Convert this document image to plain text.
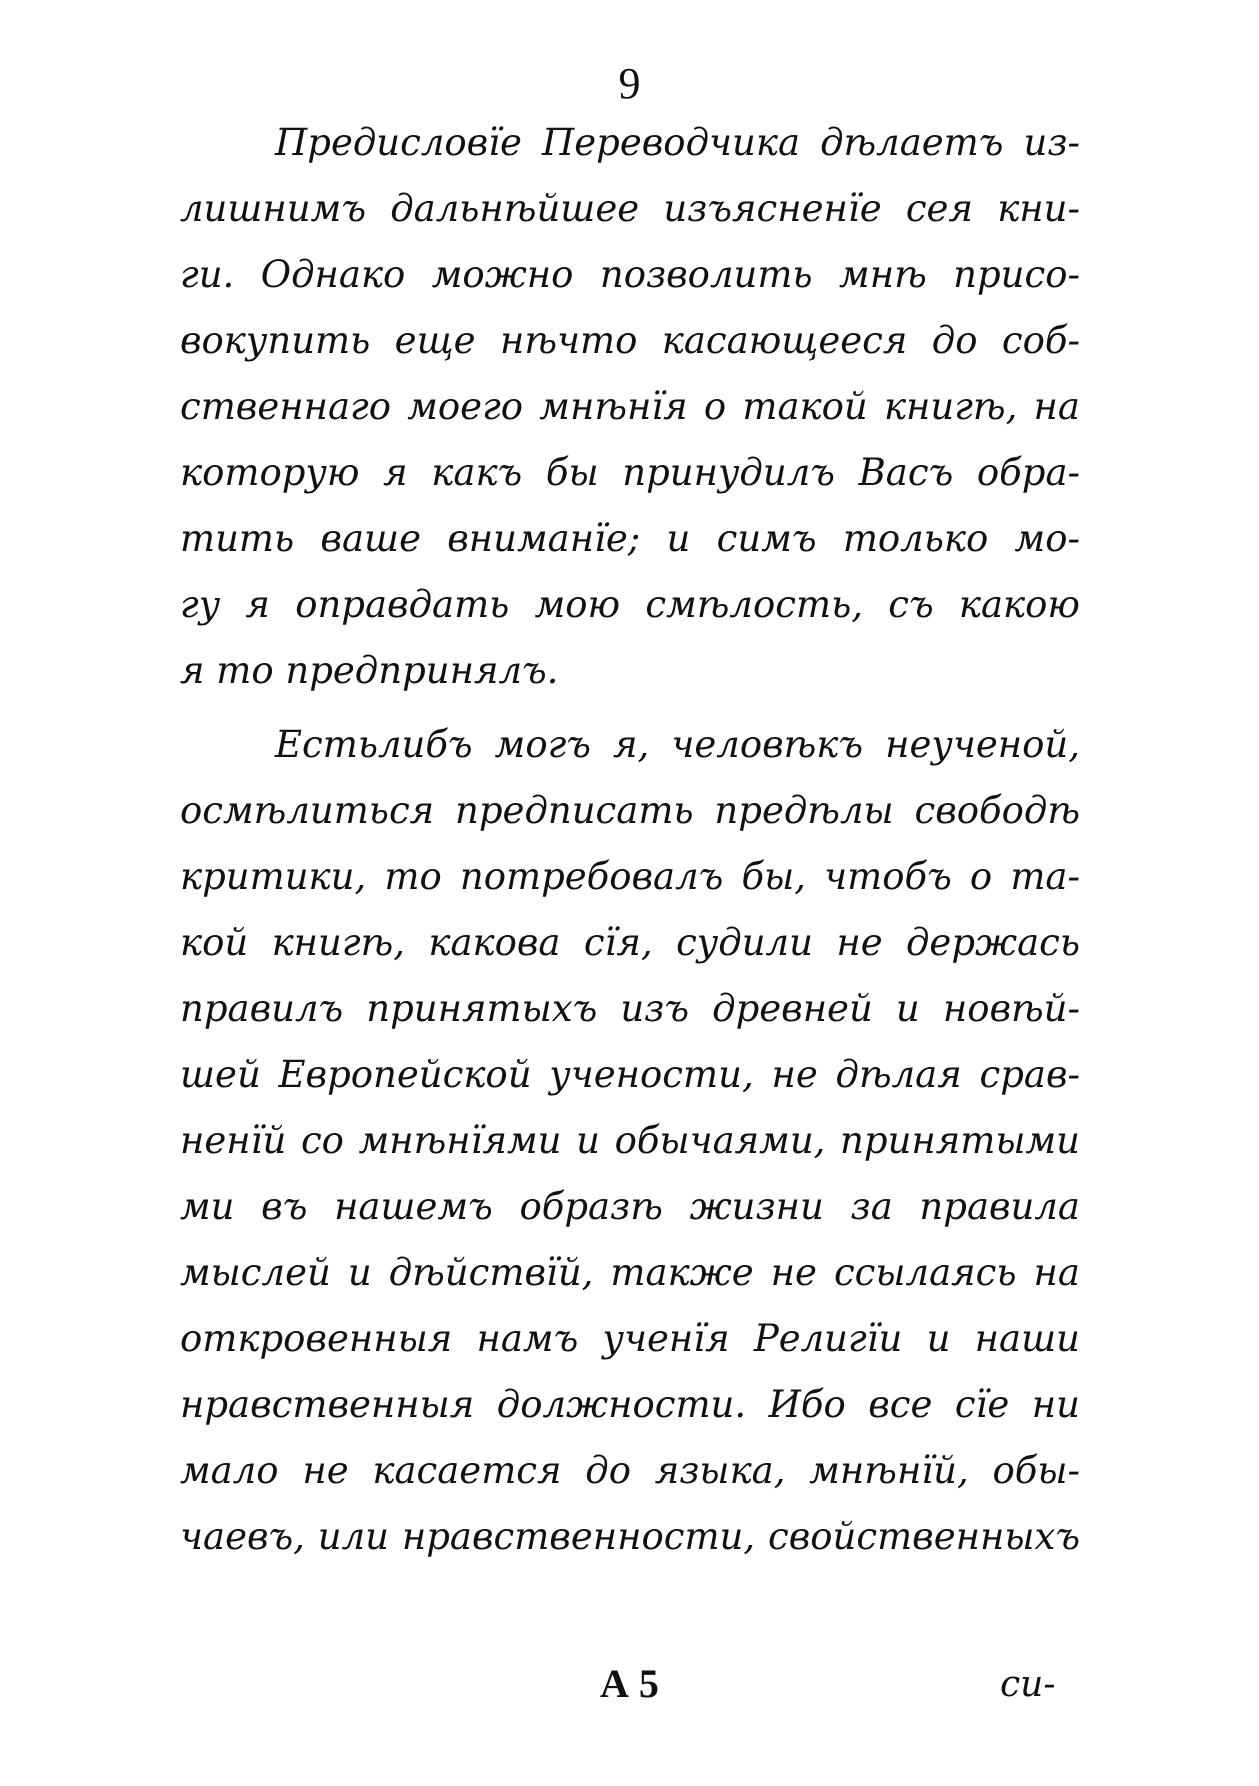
9
Предисловїе Переводчика дѣлаетъ из-
лишнимъ дальнѣйшее изъясненїе сея кни-
ги. Однако можно позволить мнѣ присо-
вокупить еще нѣчто касающееся до соб-
ственнаго моего мнѣнїя о такой книгѣ, на
которую я какъ бы принудилъ Васъ обра-
тить ваше вниманїе; и симъ только мо-
гу я оправдать мою смѣлость, съ какою
я то предпринялъ.
Естьлибъ могъ я, человѣкъ неученой,
осмѣлиться предписать предѣлы свободѣ
критики, то потребовалъ бы, чтобъ о та-
кой книгѣ, какова сїя, судили не держась
правилъ принятыхъ изъ древней и новѣй-
шей Европейской учености, не дѣлая срав-
ненїй со мнѣнїями и обычаями, принятыми
ми въ нашемъ образѣ жизни за правила
мыслей и дѣйствїй, также не ссылаясь на
откровенныя намъ ученїя Религїи и наши
нравственныя должности. Ибо все сїе ни
мало не касается до языка, мнѣнїй, обы-
чаевъ, или нравственности, свойственныхъ
А 5	си-
